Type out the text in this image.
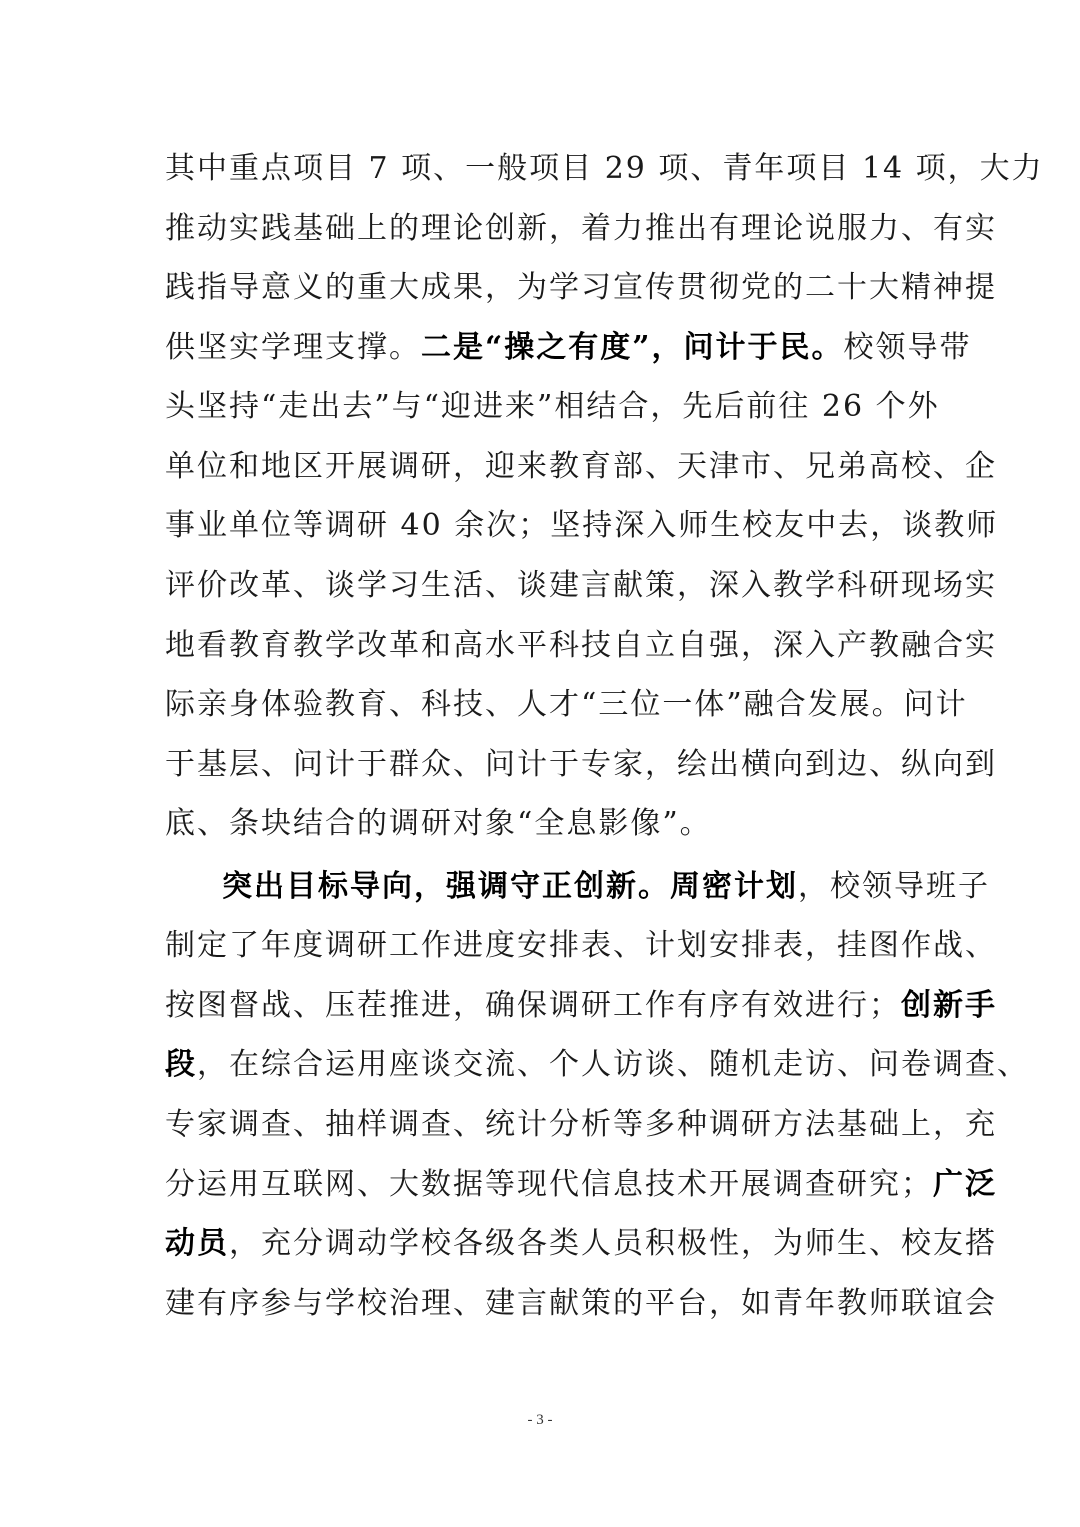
其中重点项目 7 项、一般项目 29 项、青年项目 14 项，大力
推动实践基础上的理论创新，着力推出有理论说服力、有实
践指导意义的重大成果，为学习宣传贯彻党的二十大精神提
供坚实学理支撑。二是“操之有度”，问计于民。校领导带
头坚持“走出去”与“迎进来”相结合，先后前往 26 个外
单位和地区开展调研，迎来教育部、天津市、兄弟高校、企
事业单位等调研 40 余次；坚持深入师生校友中去，谈教师
评价改革、谈学习生活、谈建言献策，深入教学科研现场实
地看教育教学改革和高水平科技自立自强，深入产教融合实
际亲身体验教育、科技、人才“三位一体”融合发展。问计
于基层、问计于群众、问计于专家，绘出横向到边、纵向到
底、条块结合的调研对象“全息影像”。
突出目标导向，强调守正创新。周密计划，校领导班子
制定了年度调研工作进度安排表、计划安排表，挂图作战、
按图督战、压茬推进，确保调研工作有序有效进行；创新手
段，在综合运用座谈交流、个人访谈、随机走访、问卷调查、
专家调查、抽样调查、统计分析等多种调研方法基础上，充
分运用互联网、大数据等现代信息技术开展调查研究；广泛
动员，充分调动学校各级各类人员积极性，为师生、校友搭
建有序参与学校治理、建言献策的平台，如青年教师联谊会
- 3 -
